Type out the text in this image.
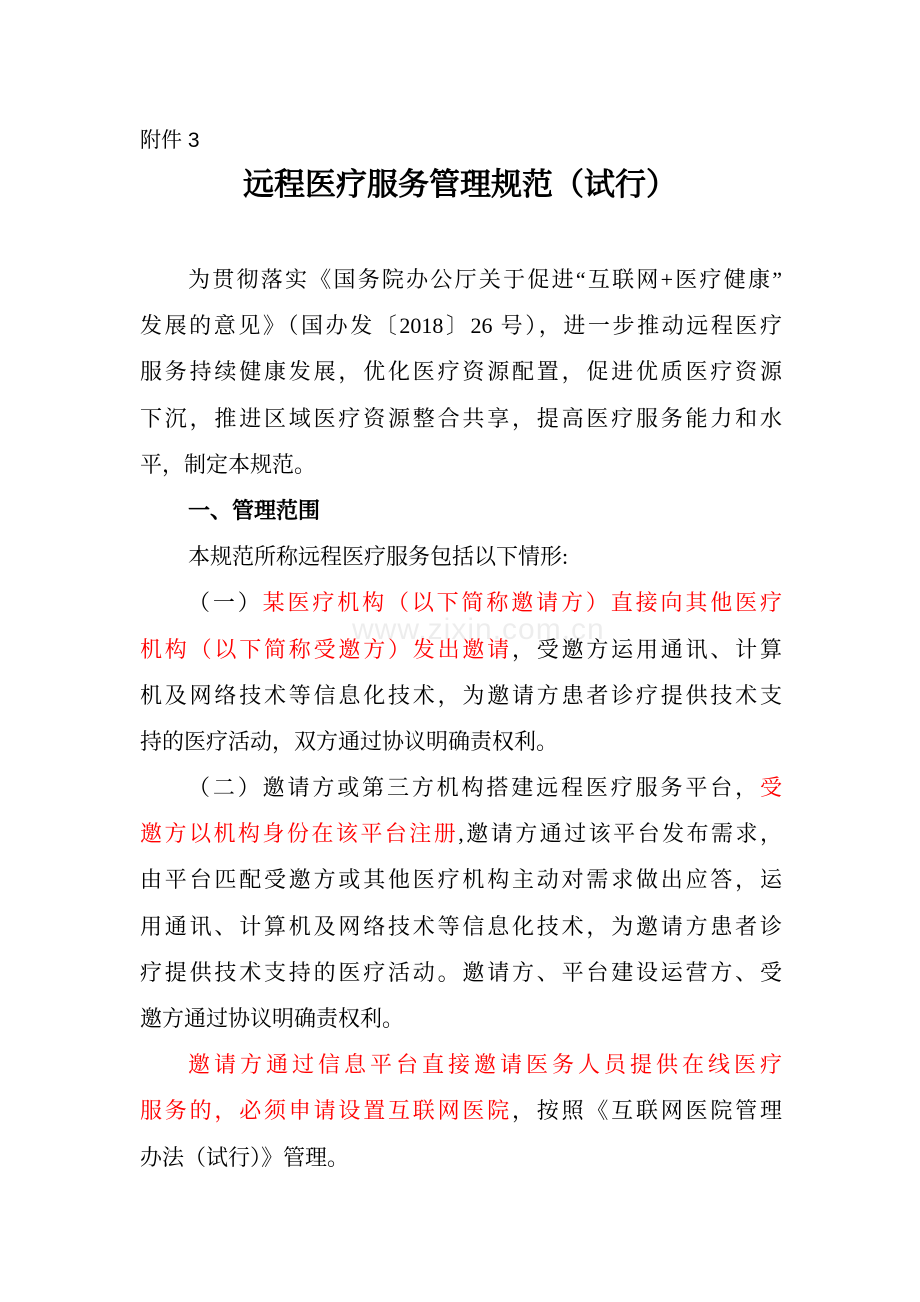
附件 3
远程医疗服务管理规范（试行）
www.zixin.com.cn
为贯彻落实《国务院办公厅关于促进“互联网+医疗健康”
发展的意见》（国办发〔2018〕26 号），进一步推动远程医疗
服务持续健康发展，优化医疗资源配置，促进优质医疗资源
下沉，推进区域医疗资源整合共享，提高医疗服务能力和水
平，制定本规范。
一、管理范围
本规范所称远程医疗服务包括以下情形:
（一）某医疗机构（以下简称邀请方）直接向其他医疗
机构（以下简称受邀方）发出邀请，受邀方运用通讯、计算
机及网络技术等信息化技术，为邀请方患者诊疗提供技术支
持的医疗活动，双方通过协议明确责权利。
（二）邀请方或第三方机构搭建远程医疗服务平台，受
邀方以机构身份在该平台注册,邀请方通过该平台发布需求，
由平台匹配受邀方或其他医疗机构主动对需求做出应答，运
用通讯、计算机及网络技术等信息化技术，为邀请方患者诊
疗提供技术支持的医疗活动。邀请方、平台建设运营方、受
邀方通过协议明确责权利。
邀请方通过信息平台直接邀请医务人员提供在线医疗
服务的，必须申请设置互联网医院，按照《互联网医院管理
办法（试行）》管理。
